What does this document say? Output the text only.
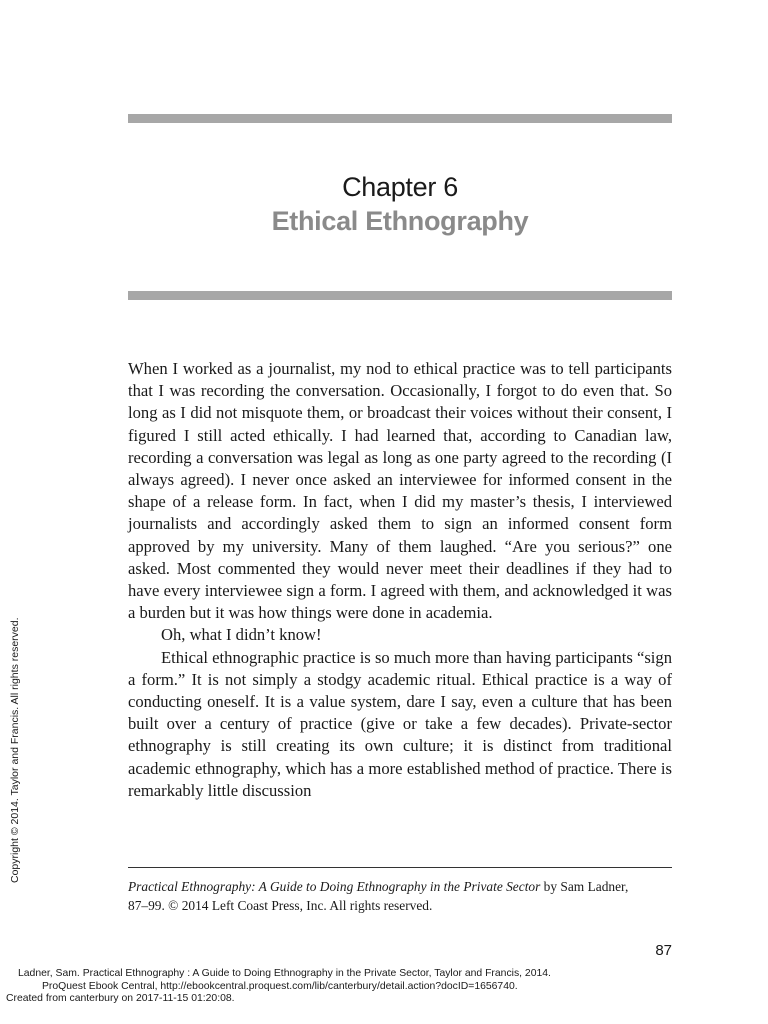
Chapter 6
Ethical Ethnography

When I worked as a journalist, my nod to ethical practice was to tell participants that I was recording the conversation. Occasionally, I forgot to do even that. So long as I did not misquote them, or broadcast their voices without their consent, I figured I still acted ethically. I had learned that, according to Canadian law, recording a conversation was legal as long as one party agreed to the recording (I always agreed). I never once asked an interviewee for informed consent in the shape of a release form. In fact, when I did my master’s thesis, I interviewed journalists and accordingly asked them to sign an informed consent form approved by my university. Many of them laughed. “Are you serious?” one asked. Most commented they would never meet their deadlines if they had to have every interviewee sign a form. I agreed with them, and acknowledged it was a burden but it was how things were done in academia.

Oh, what I didn’t know!

Ethical ethnographic practice is so much more than having participants “sign a form.” It is not simply a stodgy academic ritual. Ethical practice is a way of conducting oneself. It is a value system, dare I say, even a culture that has been built over a century of practice (give or take a few decades). Private-sector ethnography is still creating its own culture; it is distinct from traditional academic ethnography, which has a more established method of practice. There is remarkably little discussion

Practical Ethnography: A Guide to Doing Ethnography in the Private Sector by Sam Ladner,
87–99. © 2014 Left Coast Press, Inc. All rights reserved.
87
Copyright © 2014. Taylor and Francis. All rights reserved.
Ladner, Sam. Practical Ethnography : A Guide to Doing Ethnography in the Private Sector, Taylor and Francis, 2014.
ProQuest Ebook Central, http://ebookcentral.proquest.com/lib/canterbury/detail.action?docID=1656740.
Created from canterbury on 2017-11-15 01:20:08.
